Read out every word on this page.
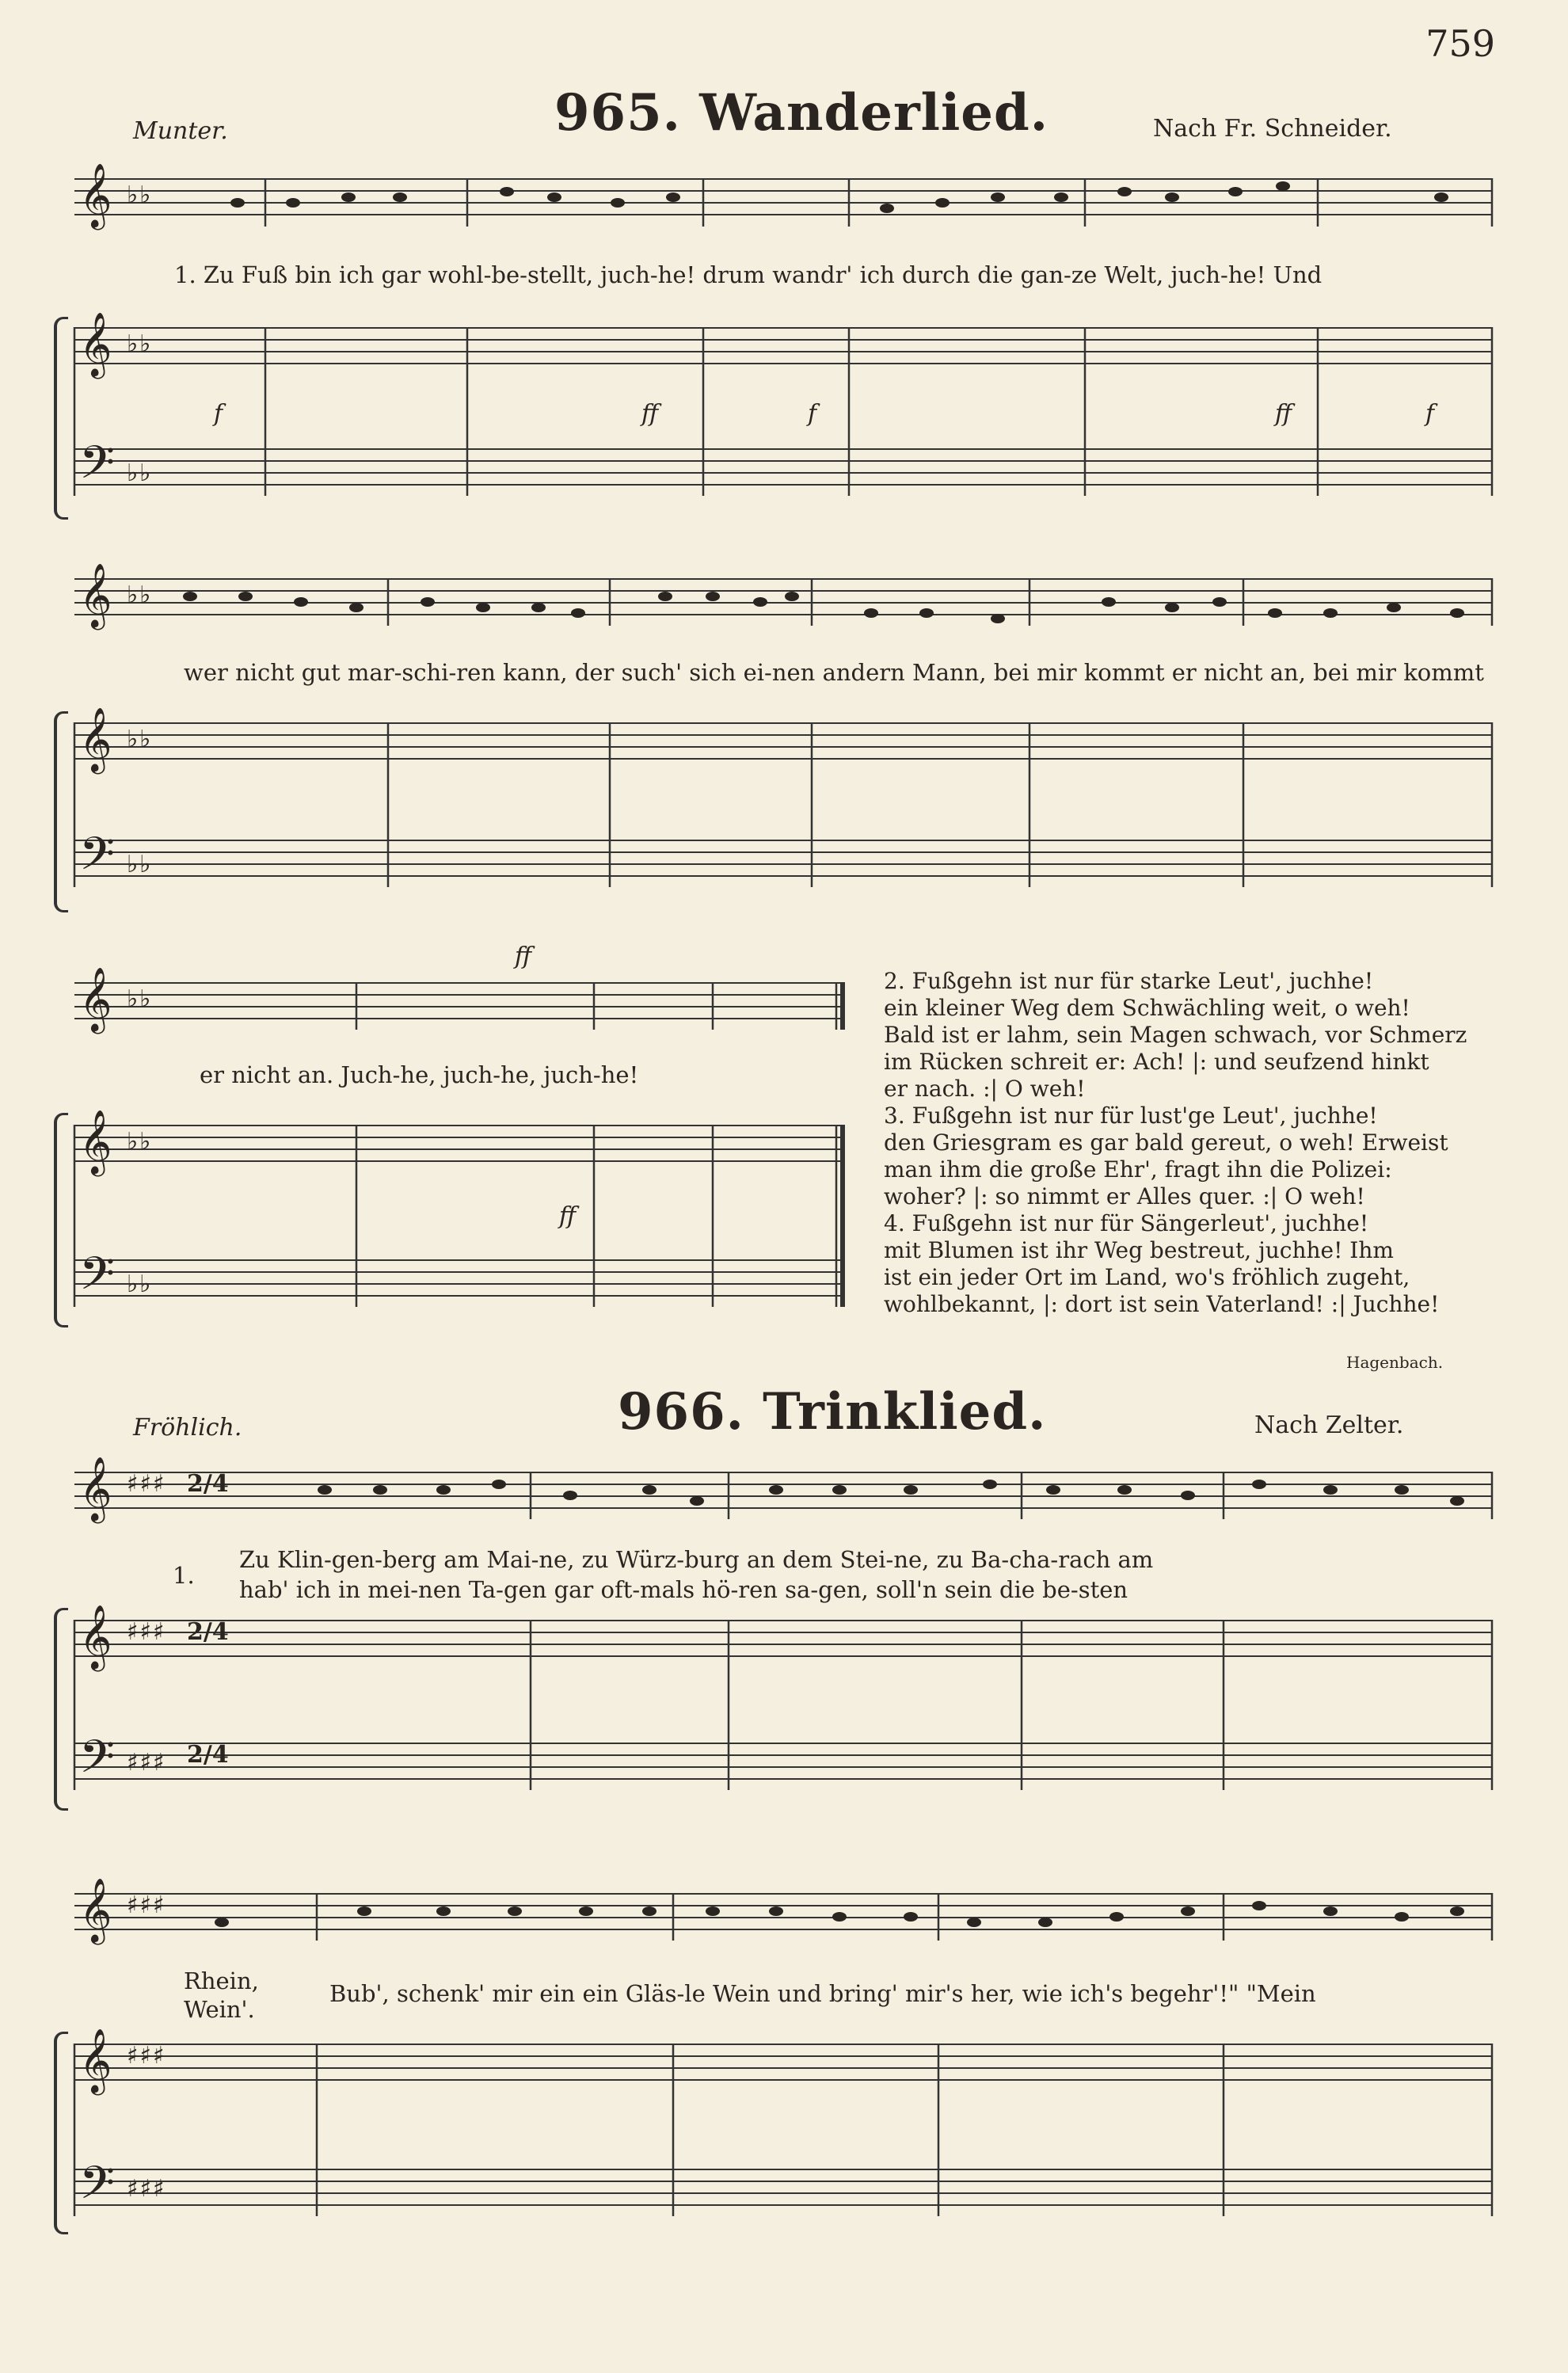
759
Munter.	965. Wanderlied.	Nach Fr. Schneider.
𝄞 ♭♭
𝄞 ♭♭
𝄢 ♭♭
1. Zu Fuß bin ich gar wohl-be-stellt, juch-he! drum wandr' ich durch die gan-ze Welt, juch-he! Und
f	ff	f	ff	f
𝄞 ♭♭
𝄞 ♭♭
𝄢 ♭♭
wer nicht gut mar-schi-ren kann, der such' sich ei-nen andern Mann, bei mir kommt er nicht an, bei mir kommt
𝄞 ♭♭
𝄞 ♭♭
𝄢 ♭♭
er nicht an. Juch-he, juch-he, juch-he!
ff
ff

2. Fußgehn ist nur für starke Leut', juchhe!

ein kleiner Weg dem Schwächling weit, o weh!

Bald ist er lahm, sein Magen schwach, vor Schmerz

im Rücken schreit er: Ach! |: und seufzend hinkt

er nach. :| O weh!

3. Fußgehn ist nur für lust'ge Leut', juchhe!

den Griesgram es gar bald gereut, o weh! Erweist

man ihm die große Ehr', fragt ihn die Polizei:

woher? |: so nimmt er Alles quer. :| O weh!

4. Fußgehn ist nur für Sängerleut', juchhe!

mit Blumen ist ihr Weg bestreut, juchhe! Ihm

ist ein jeder Ort im Land, wo's fröhlich zugeht,

wohlbekannt, |: dort ist sein Vaterland! :| Juchhe!

Hagenbach.
Fröhlich.	966. Trinklied.	Nach Zelter.
𝄞 ♯♯♯ 2/4
𝄞 ♯♯♯ 2/4
𝄢 ♯♯♯ 2/4
1.
Zu Klin-gen-berg am Mai-ne, zu Würz-burg an dem Stei-ne, zu Ba-cha-rach am
hab' ich in mei-nen Ta-gen gar oft-mals hö-ren sa-gen, soll'n sein die be-sten
𝄞 ♯♯♯
𝄞 ♯♯♯
𝄢 ♯♯♯
Rhein,
Wein'.
Bub', schenk' mir ein ein Gläs-le Wein und bring' mir's her, wie ich's begehr'!" "Mein
